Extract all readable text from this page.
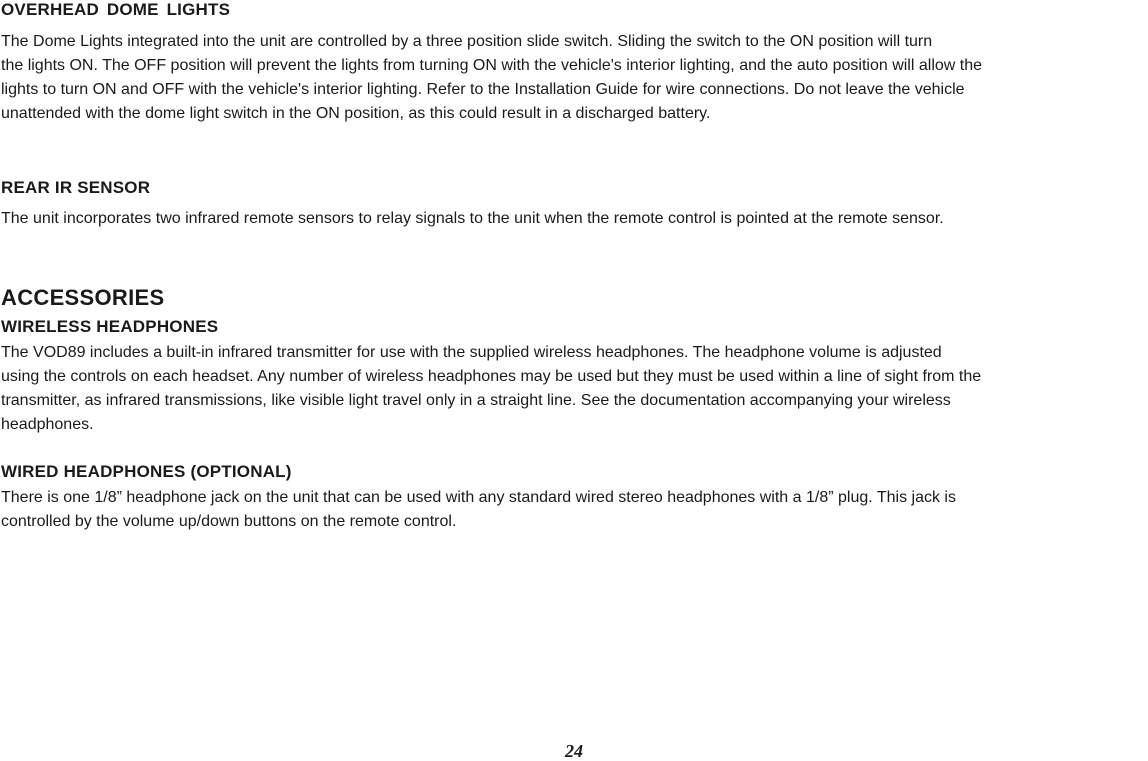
OVERHEAD DOME LIGHTS

The Dome Lights integrated into the unit are controlled by a three position slide switch. Sliding the switch to the ON position will turn
the lights ON. The OFF position will prevent the lights from turning ON with the vehicle's interior lighting, and the auto position will allow the
lights to turn ON and OFF with the vehicle's interior lighting. Refer to the Installation Guide for wire connections. Do not leave the vehicle
unattended with the dome light switch in the ON position, as this could result in a discharged battery.

REAR IR SENSOR

The unit incorporates two infrared remote sensors to relay signals to the unit when the remote control is pointed at the remote sensor.

ACCESSORIES
WIRELESS HEADPHONES

The VOD89 includes a built-in infrared transmitter for use with the supplied wireless headphones. The headphone volume is adjusted
using the controls on each headset. Any number of wireless headphones may be used but they must be used within a line of sight from the
transmitter, as infrared transmissions, like visible light travel only in a straight line. See the documentation accompanying your wireless
headphones.

WIRED HEADPHONES (OPTIONAL)

There is one 1/8” headphone jack on the unit that can be used with any standard wired stereo headphones with a 1/8” plug. This jack is
controlled by the volume up/down buttons on the remote control.

24
